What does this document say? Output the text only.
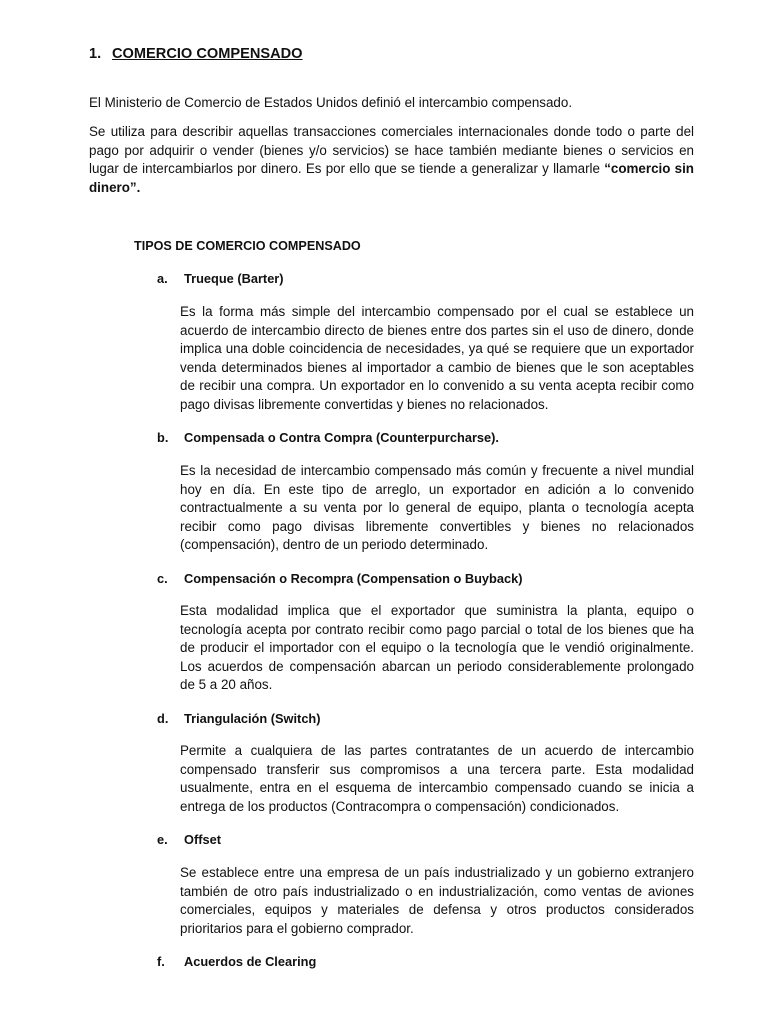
1. COMERCIO COMPENSADO

El Ministerio de Comercio de Estados Unidos definió el intercambio compensado.

Se utiliza para describir aquellas transacciones comerciales internacionales donde todo o parte del pago por adquirir o vender (bienes y/o servicios) se hace también mediante bienes o servicios en lugar de intercambiarlos por dinero. Es por ello que se tiende a generalizar y llamarle “comercio sin dinero”.

TIPOS DE COMERCIO COMPENSADO
a. Trueque (Barter)

Es la forma más simple del intercambio compensado por el cual se establece un acuerdo de intercambio directo de bienes entre dos partes sin el uso de dinero, donde implica una doble coincidencia de necesidades, ya qué se requiere que un exportador venda determinados bienes al importador a cambio de bienes que le son aceptables de recibir una compra. Un exportador en lo convenido a su venta acepta recibir como pago divisas libremente convertidas y bienes no relacionados.

b. Compensada o Contra Compra (Counterpurcharse).

Es la necesidad de intercambio compensado más común y frecuente a nivel mundial hoy en día. En este tipo de arreglo, un exportador en adición a lo convenido contractualmente a su venta por lo general de equipo, planta o tecnología acepta recibir como pago divisas libremente convertibles y bienes no relacionados (compensación), dentro de un periodo determinado.

c. Compensación o Recompra (Compensation o Buyback)

Esta modalidad implica que el exportador que suministra la planta, equipo o tecnología acepta por contrato recibir como pago parcial o total de los bienes que ha de producir el importador con el equipo o la tecnología que le vendió originalmente. Los acuerdos de compensación abarcan un periodo considerablemente prolongado de 5 a 20 años.

d. Triangulación (Switch)

Permite a cualquiera de las partes contratantes de un acuerdo de intercambio compensado transferir sus compromisos a una tercera parte. Esta modalidad usualmente, entra en el esquema de intercambio compensado cuando se inicia a entrega de los productos (Contracompra o compensación) condicionados.

e. Offset

Se establece entre una empresa de un país industrializado y un gobierno extranjero también de otro país industrializado o en industrialización, como ventas de aviones comerciales, equipos y materiales de defensa y otros productos considerados prioritarios para el gobierno comprador.

f. Acuerdos de Clearing
